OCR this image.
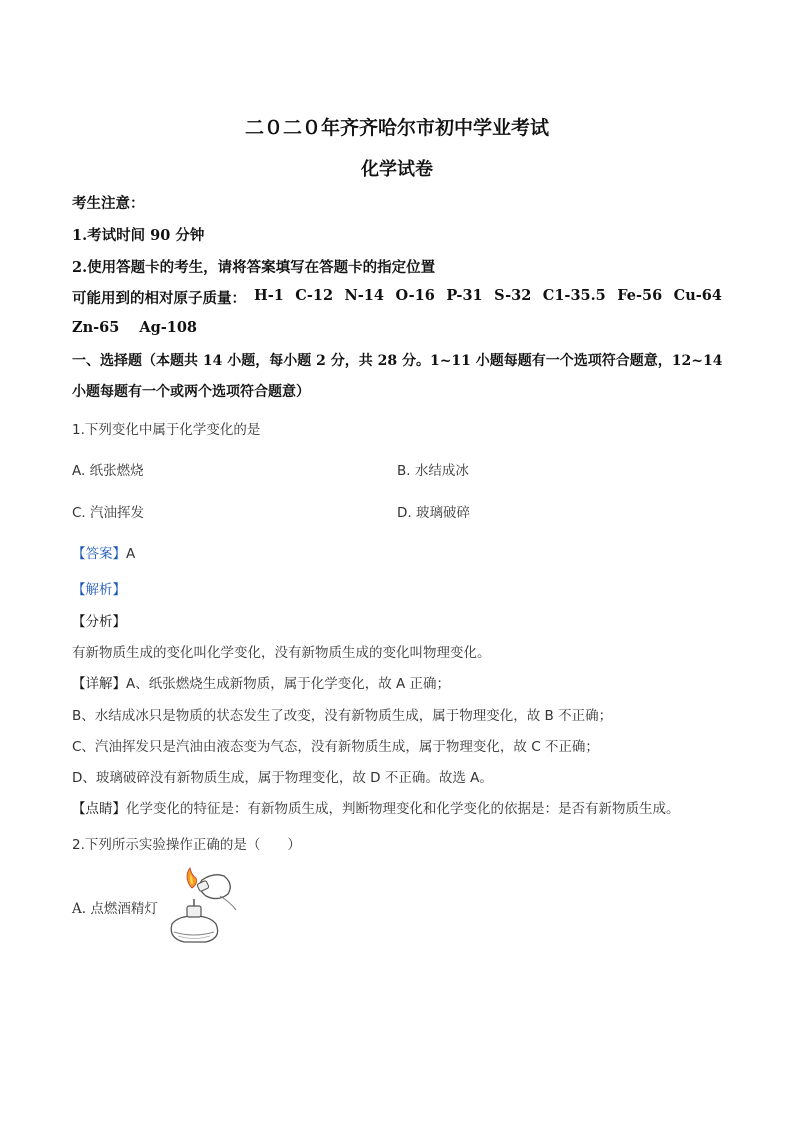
二０二０年齐齐哈尔市初中学业考试
化学试卷
考生注意：
1.考试时间 90 分钟
2.使用答题卡的考生，请将答案填写在答题卡的指定位置
可能用到的相对原子质量： H-1 C-12 N-14 O-16 P-31 S-32 C1-35.5 Fe-56 Cu-64
Zn-65 Ag-108
一、选择题（本题共 14 小题，每小题 2 分，共 28 分。1~11 小题每题有一个选项符合题意，12~14
小题每题有一个或两个选项符合题意）
1.下列变化中属于化学变化的是
A. 纸张燃烧	B. 水结成冰
C. 汽油挥发	D. 玻璃破碎
【答案】A
【解析】
【分析】
有新物质生成的变化叫化学变化，没有新物质生成的变化叫物理变化。
【详解】A、纸张燃烧生成新物质，属于化学变化，故 A 正确；
B、水结成冰只是物质的状态发生了改变，没有新物质生成，属于物理变化，故 B 不正确；
C、汽油挥发只是汽油由液态变为气态，没有新物质生成，属于物理变化，故 C 不正确；
D、玻璃破碎没有新物质生成，属于物理变化，故 D 不正确。故选 A。
【点睛】化学变化的特征是：有新物质生成，判断物理变化和化学变化的依据是：是否有新物质生成。
2.下列所示实验操作正确的是（　　）
A. 点燃酒精灯
